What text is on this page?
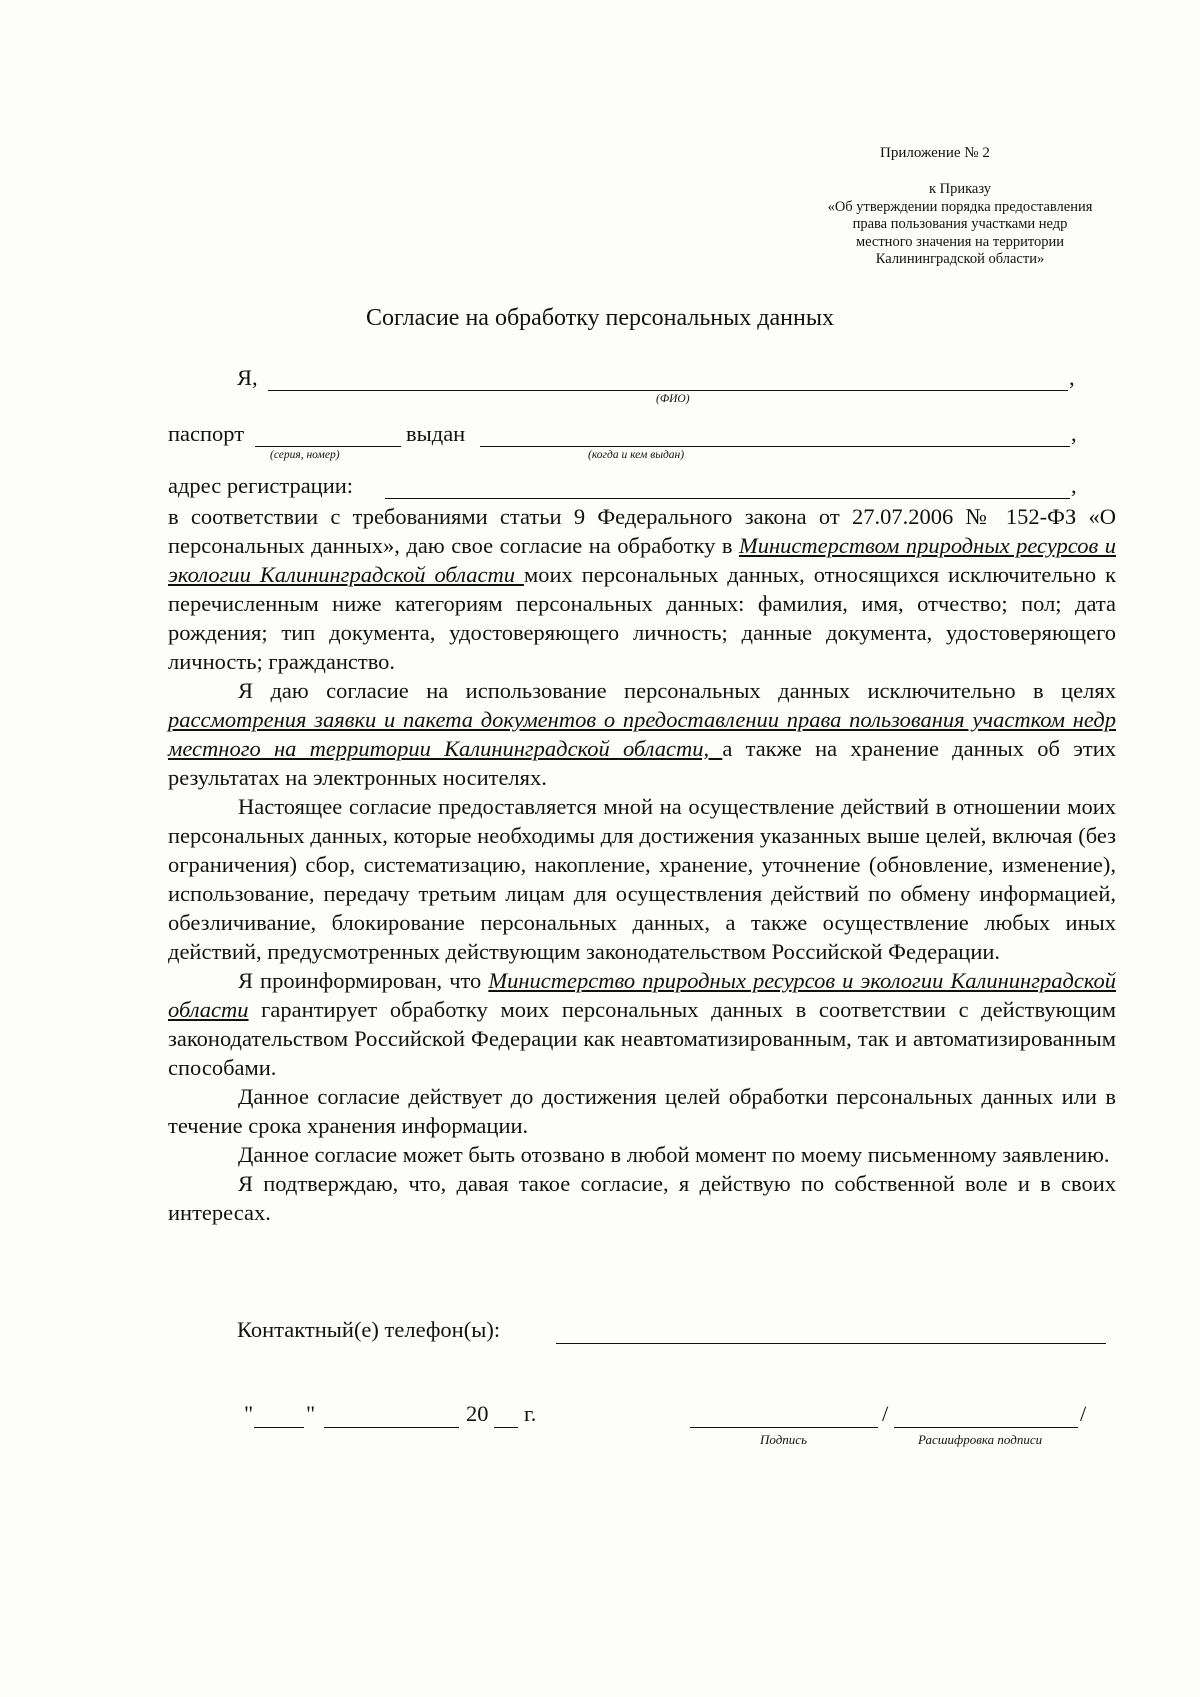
Приложение № 2
к Приказу
«Об утверждении порядка предоставления
права пользования участками недр
местного значения на территории
Калининградской области»
Согласие на обработку персональных данных
Я,	,
(ФИО)
паспорт
(серия, номер)
выдан	,
(когда и кем выдан)
адрес регистрации:	,

в соответствии с требованиями статьи 9 Федерального закона от 27.07.2006 № 152-ФЗ «О персональных данных», даю свое согласие на обработку в Министерством природных ресурсов и экологии Калининградской области моих персональных данных, относящихся исключительно к перечисленным ниже категориям персональных данных: фамилия, имя, отчество; пол; дата рождения; тип документа, удостоверяющего личность; данные документа, удостоверяющего личность; гражданство.

Я даю согласие на использование персональных данных исключительно в целях рассмотрения заявки и пакета документов о предоставлении права пользования участком недр местного на территории Калининградской области, а также на хранение данных об этих результатах на электронных носителях.

Настоящее согласие предоставляется мной на осуществление действий в отношении моих персональных данных, которые необходимы для достижения указанных выше целей, включая (без ограничения) сбор, систематизацию, накопление, хранение, уточнение (обновление, изменение), использование, передачу третьим лицам для осуществления действий по обмену информацией, обезличивание, блокирование персональных данных, а также осуществление любых иных действий, предусмотренных действующим законодательством Российской Федерации.

Я проинформирован, что Министерство природных ресурсов и экологии Калининградской области гарантирует обработку моих персональных данных в соответствии с действующим законодательством Российской Федерации как неавтоматизированным, так и автоматизированным способами.

Данное согласие действует до достижения целей обработки персональных данных или в течение срока хранения информации.

Данное согласие может быть отозвано в любой момент по моему письменному заявлению.

Я подтверждаю, что, давая такое согласие, я действую по собственной воле и в своих интересах.

Контактный(е) телефон(ы):
" "	20 г.	/	/
Подпись	Расшифровка подписи
